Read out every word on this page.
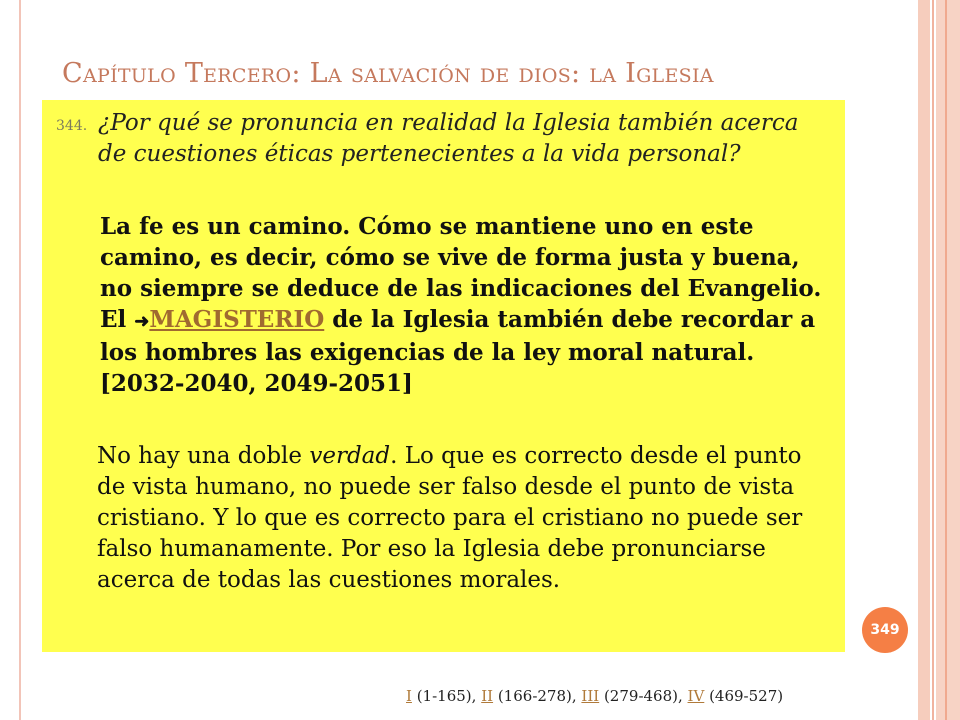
Capítulo Tercero: La salvación de dios: la Iglesia
344. ¿Por qué se pronuncia en realidad la Iglesia también acerca de cuestiones éticas pertenecientes a la vida personal?

La fe es un camino. Cómo se mantiene uno en este camino, es decir, cómo se vive de forma justa y buena, no siempre se deduce de las indicaciones del Evangelio. El ➜MAGISTERIO de la Iglesia también debe recordar a los hombres las exigencias de la ley moral natural. [2032-2040, 2049-2051]

No hay una doble verdad. Lo que es correcto desde el punto de vista humano, no puede ser falso desde el punto de vista cristiano. Y lo que es correcto para el cristiano no puede ser falso humanamente. Por eso la Iglesia debe pronunciarse acerca de todas las cuestiones morales.

349
I (1-165), II (166-278), III (279-468), IV (469-527)
